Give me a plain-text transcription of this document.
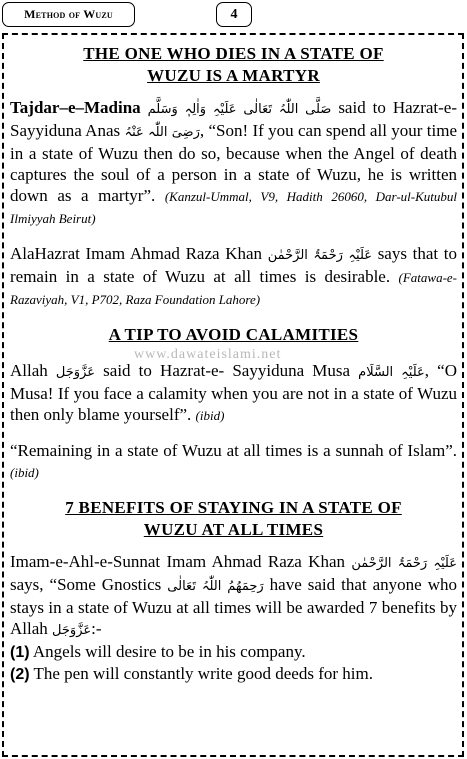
Method of Wuzu	4
www.dawateislami.net
THE ONE WHO DIES IN A STATE OF
WUZU IS A MARTYR

Tajdar–e–Madina صَلَّی اللّٰہُ تَعَالٰی عَلَیْہِ وَاٰلِہٖ وَسَلَّم said to Hazrat-e-Sayyiduna Anas رَضِیَ اللّٰہ عَنْہُ, “Son! If you can spend all your time in a state of Wuzu then do so, because when the Angel of death captures the soul of a person in a state of Wuzu, he is written down as a martyr”. (Kanzul-Ummal, V9, Hadith 26060, Dar-ul-Kutubul Ilmiyyah Beirut)

AlaHazrat Imam Ahmad Raza Khan عَلَیْہِ رَحْمَۃُ الرَّحْمٰن says that to remain in a state of Wuzu at all times is desirable. (Fatawa-e-Razaviyah, V1, P702, Raza Foundation Lahore)

A TIP TO AVOID CALAMITIES

Allah عَزَّوَجَل said to Hazrat-e- Sayyiduna Musa عَلَیْہِ السَّلَام, “O Musa! If you face a calamity when you are not in a state of Wuzu then only blame yourself”. (ibid)

“Remaining in a state of Wuzu at all times is a sunnah of Islam”. (ibid)

7 BENEFITS OF STAYING IN A STATE OF
WUZU AT ALL TIMES

Imam-e-Ahl-e-Sunnat Imam Ahmad Raza Khan عَلَیْہِ رَحْمَۃُ الرَّحْمٰن says, “Some Gnostics رَحِمَھُمُ اللّٰہُ تَعَالٰی have said that anyone who stays in a state of Wuzu at all times will be awarded 7 benefits by Allah عَزَّوَجَل:-

(1) Angels will desire to be in his company.
(2) The pen will constantly write good deeds for him.
